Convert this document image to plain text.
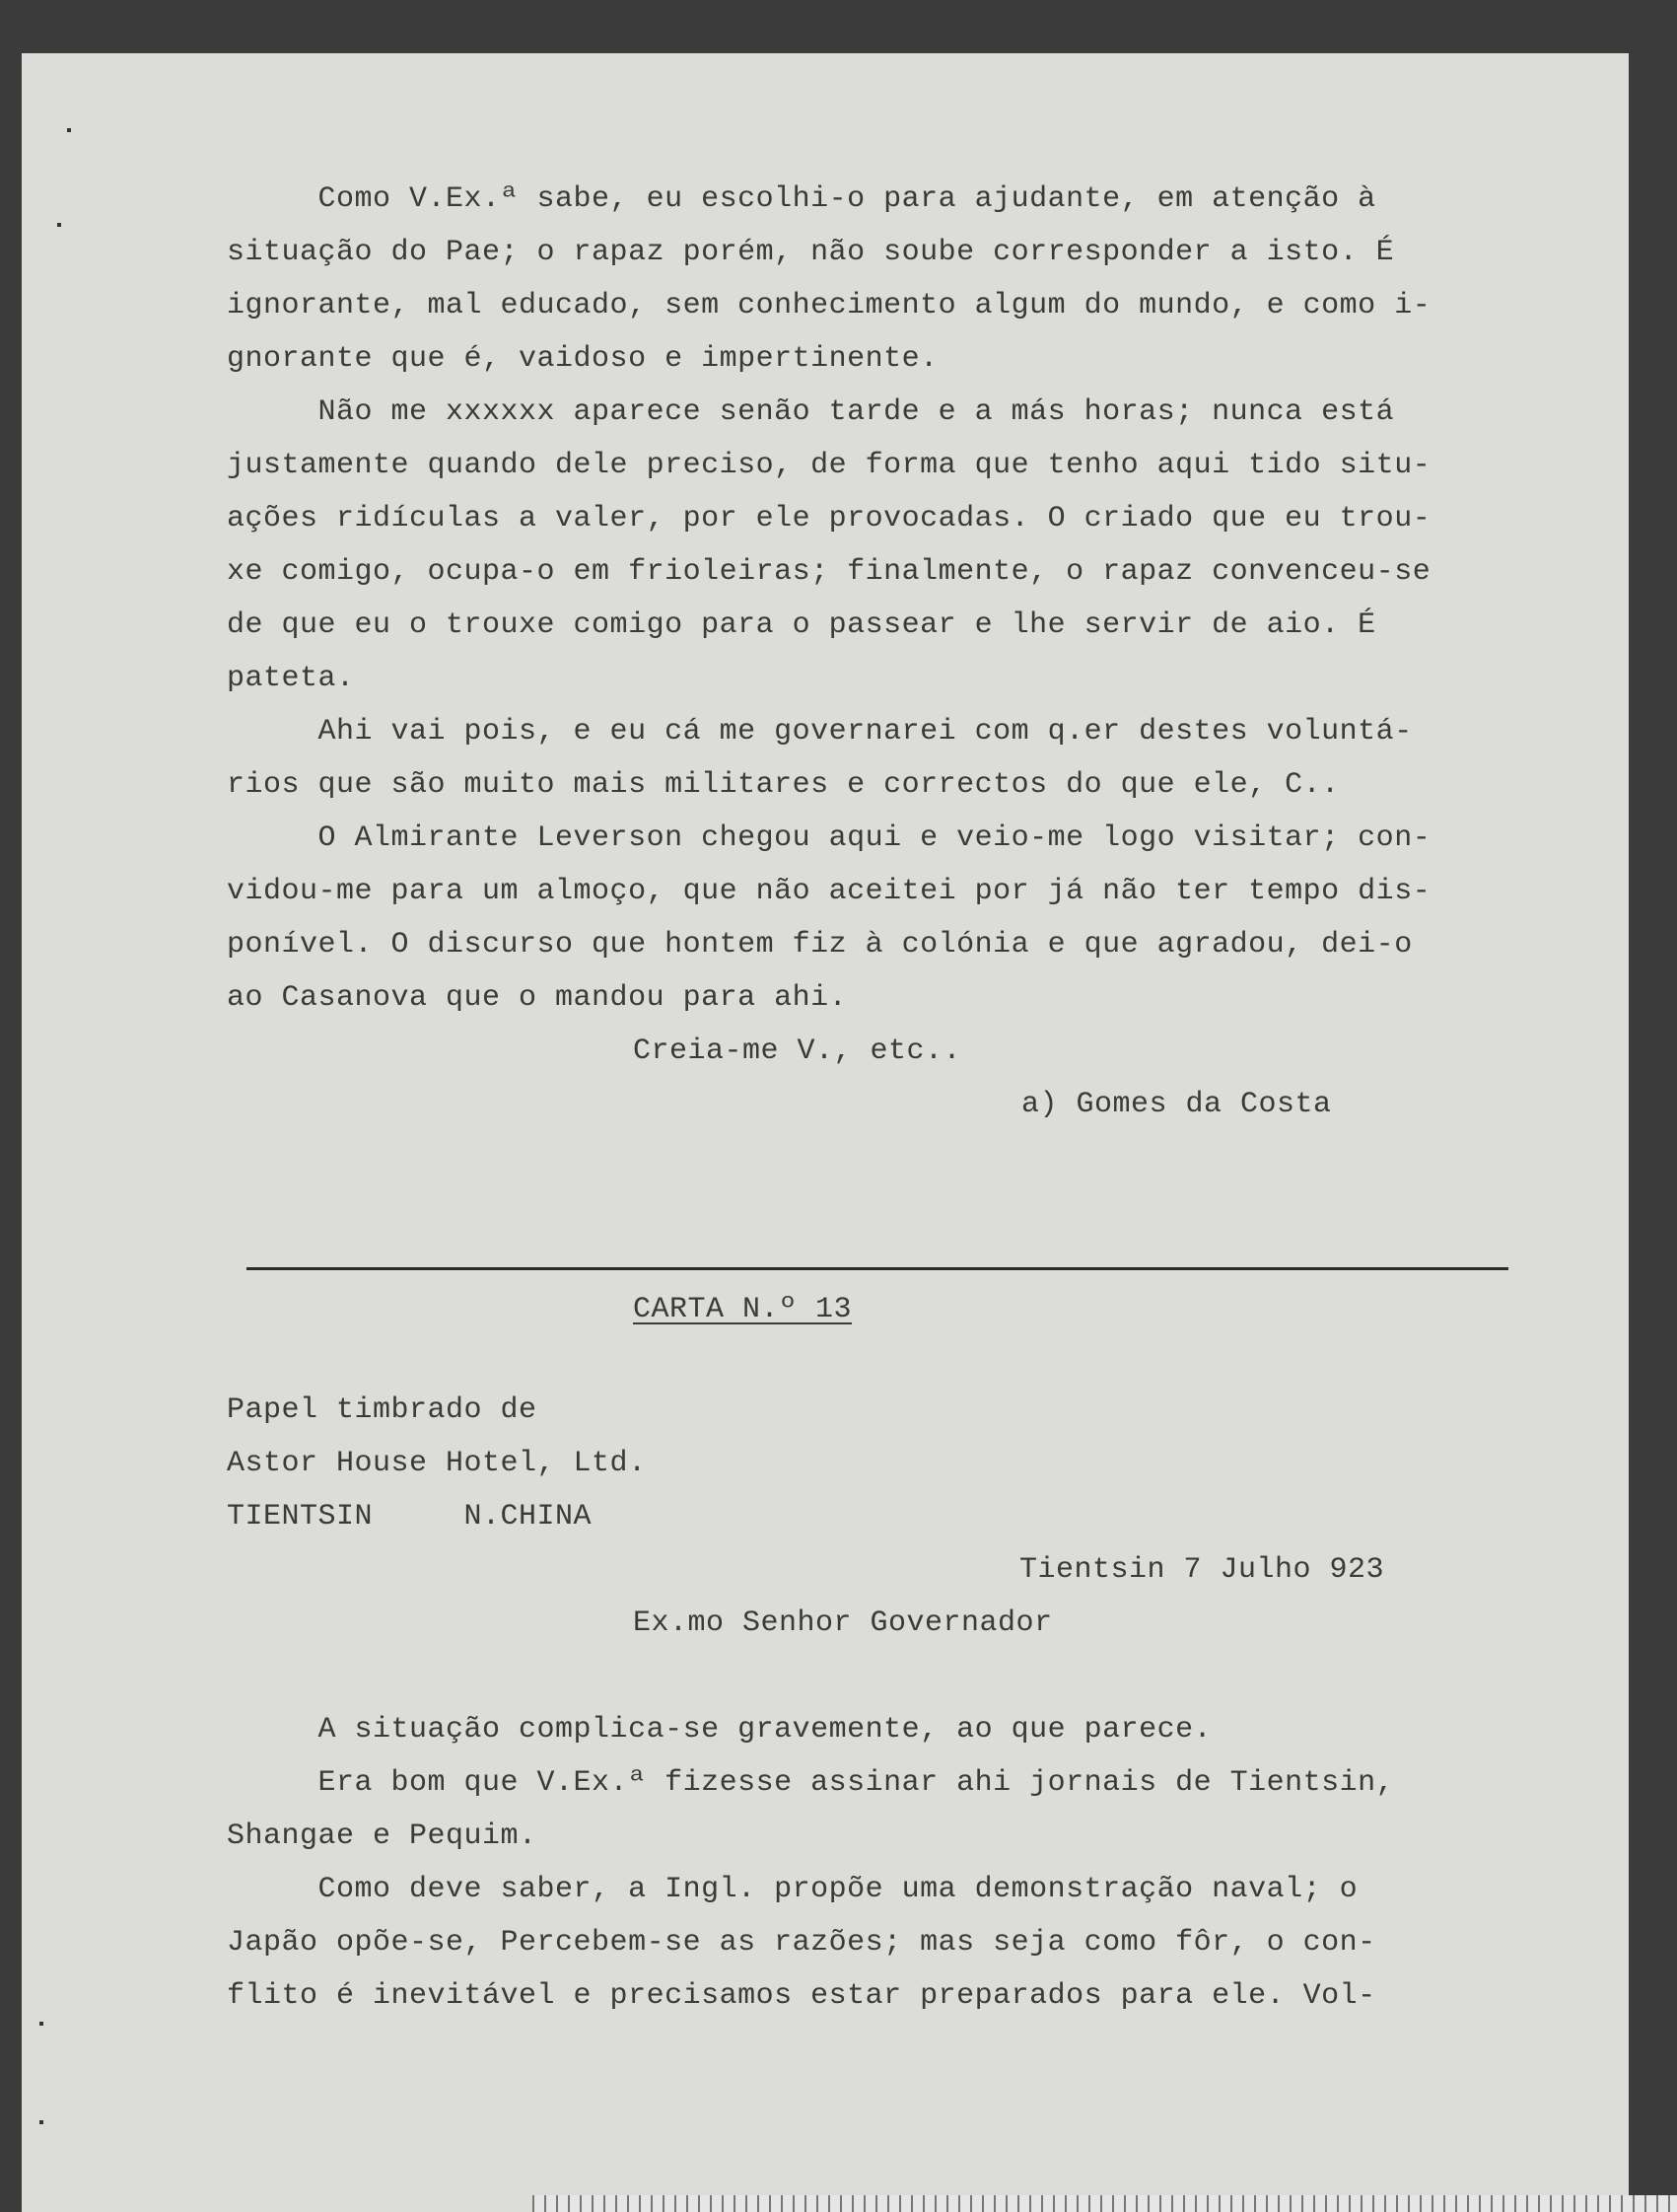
Como V.Ex.ª sabe, eu escolhi-o para ajudante, em atenção à
situação do Pae; o rapaz porém, não soube corresponder a isto. É
ignorante, mal educado, sem conhecimento algum do mundo, e como i-
gnorante que é, vaidoso e impertinente.
Não me xxxxxx aparece senão tarde e a más horas; nunca está
justamente quando dele preciso, de forma que tenho aqui tido situ-
ações ridículas a valer, por ele provocadas. O criado que eu trou-
xe comigo, ocupa-o em frioleiras; finalmente, o rapaz convenceu-se
de que eu o trouxe comigo para o passear e lhe servir de aio. É
pateta.
Ahi vai pois, e eu cá me governarei com q.er destes voluntá-
rios que são muito mais militares e correctos do que ele, C..
O Almirante Leverson chegou aqui e veio-me logo visitar; con-
vidou-me para um almoço, que não aceitei por já não ter tempo dis-
ponível. O discurso que hontem fiz à colónia e que agradou, dei-o
ao Casanova que o mandou para ahi.
Creia-me V., etc..
a) Gomes da Costa
CARTA N.º 13
Papel timbrado de
Astor House Hotel, Ltd.
TIENTSIN     N.CHINA
Tientsin 7 Julho 923
Ex.mo Senhor Governador
A situação complica-se gravemente, ao que parece.
Era bom que V.Ex.ª fizesse assinar ahi jornais de Tientsin,
Shangae e Pequim.
Como deve saber, a Ingl. propõe uma demonstração naval; o
Japão opõe-se, Percebem-se as razões; mas seja como fôr, o con-
flito é inevitável e precisamos estar preparados para ele. Vol-
